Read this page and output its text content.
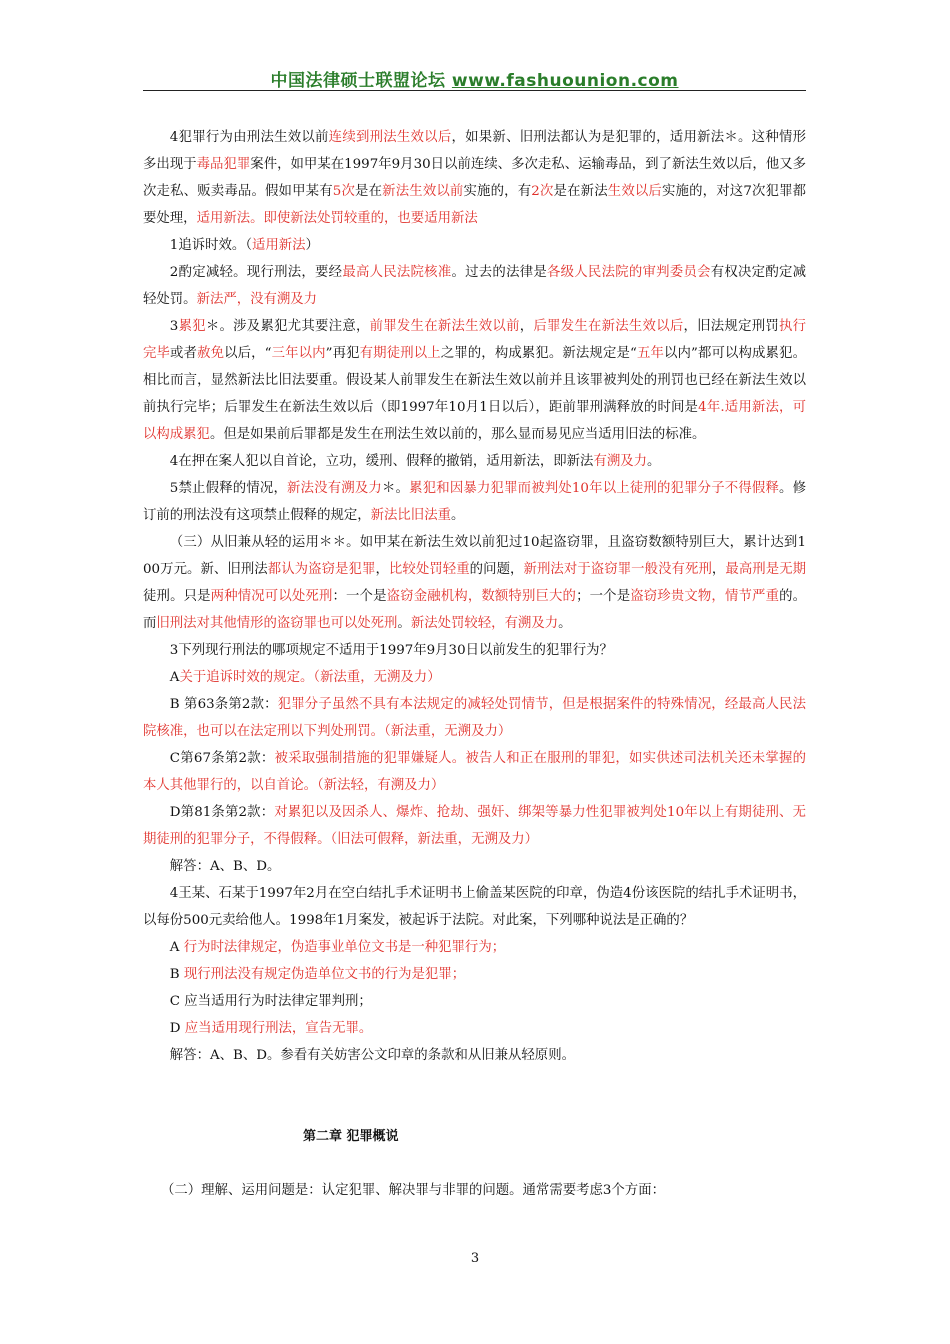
中国法律硕士联盟论坛 www.fashuounion.com

4犯罪行为由刑法生效以前连续到刑法生效以后，如果新、旧刑法都认为是犯罪的，适用新法＊。这种情形多出现于毒品犯罪案件，如甲某在1997年9月30日以前连续、多次走私、运输毒品，到了新法生效以后，他又多次走私、贩卖毒品。假如甲某有5次是在新法生效以前实施的，有2次是在新法生效以后实施的，对这7次犯罪都要处理，适用新法。即使新法处罚较重的，也要适用新法

1追诉时效。（适用新法）

2酌定减轻。现行刑法，要经最高人民法院核准。过去的法律是各级人民法院的审判委员会有权决定酌定减轻处罚。新法严，没有溯及力

3累犯＊。涉及累犯尤其要注意，前罪发生在新法生效以前，后罪发生在新法生效以后，旧法规定刑罚执行完毕或者赦免以后，“三年以内”再犯有期徒刑以上之罪的，构成累犯。新法规定是“五年以内”都可以构成累犯。相比而言，显然新法比旧法要重。假设某人前罪发生在新法生效以前并且该罪被判处的刑罚也已经在新法生效以前执行完毕；后罪发生在新法生效以后（即1997年10月1日以后），距前罪刑满释放的时间是4年.适用新法，可以构成累犯。但是如果前后罪都是发生在刑法生效以前的，那么显而易见应当适用旧法的标准。

4在押在案人犯以自首论，立功，缓刑、假释的撤销，适用新法，即新法有溯及力。

5禁止假释的情况，新法没有溯及力＊。累犯和因暴力犯罪而被判处10年以上徒刑的犯罪分子不得假释。修订前的刑法没有这项禁止假释的规定，新法比旧法重。

（三）从旧兼从轻的运用＊＊。如甲某在新法生效以前犯过10起盗窃罪，且盗窃数额特别巨大，累计达到100万元。新、旧刑法都认为盗窃是犯罪，比较处罚轻重的问题，新刑法对于盗窃罪一般没有死刑，最高刑是无期徒刑。只是两种情况可以处死刑：一个是盗窃金融机构，数额特别巨大的；一个是盗窃珍贵文物，情节严重的。而旧刑法对其他情形的盗窃罪也可以处死刑。新法处罚较轻，有溯及力。

3下列现行刑法的哪项规定不适用于1997年9月30日以前发生的犯罪行为？

A关于追诉时效的规定。（新法重，无溯及力）

B 第63条第2款：犯罪分子虽然不具有本法规定的减轻处罚情节，但是根据案件的特殊情况，经最高人民法院核准，也可以在法定刑以下判处刑罚。（新法重，无溯及力）

C第67条第2款：被采取强制措施的犯罪嫌疑人。被告人和正在服刑的罪犯，如实供述司法机关还未掌握的本人其他罪行的，以自首论。（新法轻，有溯及力）

D第81条第2款：对累犯以及因杀人、爆炸、抢劫、强奸、绑架等暴力性犯罪被判处10年以上有期徒刑、无期徒刑的犯罪分子，不得假释。（旧法可假释，新法重，无溯及力）

解答：A、B、D。

4王某、石某于1997年2月在空白结扎手术证明书上偷盖某医院的印章，伪造4份该医院的结扎手术证明书，以每份500元卖给他人。1998年1月案发，被起诉于法院。对此案，下列哪种说法是正确的？

A 行为时法律规定，伪造事业单位文书是一种犯罪行为；

B 现行刑法没有规定伪造单位文书的行为是犯罪；

C 应当适用行为时法律定罪判刑；

D 应当适用现行刑法，宣告无罪。

解答：A、B、D。参看有关妨害公文印章的条款和从旧兼从轻原则。

第二章 犯罪概说

（二）理解、运用问题是：认定犯罪、解决罪与非罪的问题。通常需要考虑3个方面：

3
